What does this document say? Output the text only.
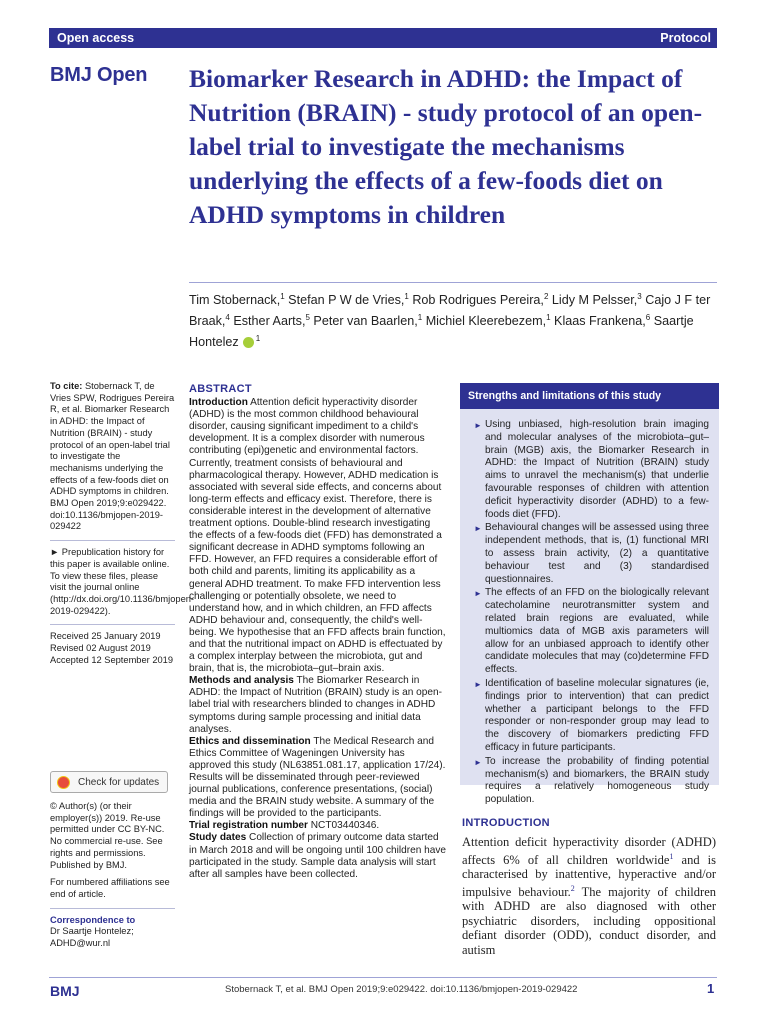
Open access	Protocol
BMJ Open Biomarker Research in ADHD: the Impact of Nutrition (BRAIN) - study protocol of an open-label trial to investigate the mechanisms underlying the effects of a few-foods diet on ADHD symptoms in children
Tim Stobernack,$^1$ Stefan P W de Vries,$^1$ Rob Rodrigues Pereira,$^2$ Lidy M Pelsser,$^3$ Cajo J F ter Braak,$^4$ Esther Aarts,$^5$ Peter van Baarlen,$^1$ Michiel Kleerebezem,$^1$ Klaas Frankena,$^6$ Saartje Hontelez $^1$

To cite: Stobernack T, de Vries SPW, Rodrigues Pereira R, et al. Biomarker Research in ADHD: the Impact of Nutrition (BRAIN) - study protocol of an open-label trial to investigate the mechanisms underlying the effects of a few-foods diet on ADHD symptoms in children. BMJ Open 2019;9:e029422. doi:10.1136/bmjopen-2019-029422

► Prepublication history for this paper is available online. To view these files, please visit the journal online (http://dx.doi.org/10.1136/bmjopen-2019-029422).

Received 25 January 2019

Revised 02 August 2019

Accepted 12 September 2019

Check for updates

© Author(s) (or their employer(s)) 2019. Re-use permitted under CC BY-NC. No commercial re-use. See rights and permissions. Published by BMJ.

For numbered affiliations see end of article.

Correspondence to

Dr Saartje Hontelez;

ADHD@wur.nl

ABSTRACT

Introduction Attention deficit hyperactivity disorder (ADHD) is the most common childhood behavioural disorder, causing significant impediment to a child's development. It is a complex disorder with numerous contributing (epi)genetic and environmental factors. Currently, treatment consists of behavioural and pharmacological therapy. However, ADHD medication is associated with several side effects, and concerns about long-term effects and efficacy exist. Therefore, there is considerable interest in the development of alternative treatment options. Double-blind research investigating the effects of a few-foods diet (FFD) has demonstrated a significant decrease in ADHD symptoms following an FFD. However, an FFD requires a considerable effort of both child and parents, limiting its applicability as a general ADHD treatment. To make FFD intervention less challenging or potentially obsolete, we need to understand how, and in which children, an FFD affects ADHD behaviour and, consequently, the child's well-being. We hypothesise that an FFD affects brain function, and that the nutritional impact on ADHD is effectuated by a complex interplay between the microbiota, gut and brain, that is, the microbiota–gut–brain axis.

Methods and analysis The Biomarker Research in ADHD: the Impact of Nutrition (BRAIN) study is an open-label trial with researchers blinded to changes in ADHD symptoms during sample processing and initial data analyses.

Ethics and dissemination The Medical Research and Ethics Committee of Wageningen University has approved this study (NL63851.081.17, application 17/24). Results will be disseminated through peer-reviewed journal publications, conference presentations, (social) media and the BRAIN study website. A summary of the findings will be provided to the participants.

Trial registration number NCT03440346.

Study dates Collection of primary outcome data started in March 2018 and will be ongoing until 100 children have participated in the study. Sample data analysis will start after all samples have been collected.

Strengths and limitations of this study
► Using unbiased, high-resolution brain imaging and molecular analyses of the microbiota–gut–brain (MGB) axis, the Biomarker Research in ADHD: the Impact of Nutrition (BRAIN) study aims to unravel the mechanism(s) that underlie favourable responses of children with attention deficit hyperactivity disorder (ADHD) to a few-foods diet (FFD).
► Behavioural changes will be assessed using three independent methods, that is, (1) functional MRI to assess brain activity, (2) a quantitative behaviour test and (3) standardised questionnaires.
► The effects of an FFD on the biologically relevant catecholamine neurotransmitter system and related brain regions are evaluated, while multiomics data of MGB axis parameters will allow for an unbiased approach to identify other candidate molecules that may (co)determine FFD effects.
► Identification of baseline molecular signatures (ie, findings prior to intervention) that can predict whether a participant belongs to the FFD responder or non-responder group may lead to the discovery of biomarkers predicting FFD efficacy in future participants.
► To increase the probability of finding potential mechanism(s) and biomarkers, the BRAIN study requires a relatively homogeneous study population.
INTRODUCTION

Attention deficit hyperactivity disorder (ADHD) affects 6% of all children worldwide$^1$ and is characterised by inattentive, hyperactive and/or impulsive behaviour.$^2$ The majority of children with ADHD are also diagnosed with other psychiatric disorders, including oppositional defiant disorder (ODD), conduct disorder, and autism

BMJ	Stobernack T, et al. BMJ Open 2019;9:e029422. doi:10.1136/bmjopen-2019-029422	1
